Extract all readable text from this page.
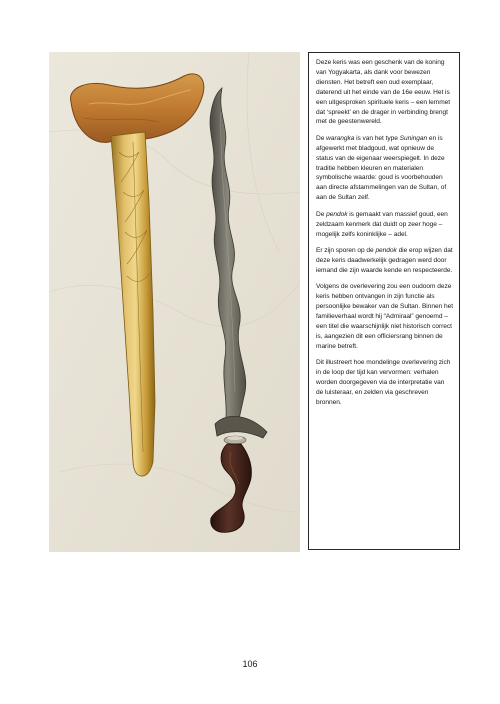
Deze keris was een geschenk van de koning van Yogyakarta, als dank voor bewezen diensten. Het betreft een oud exemplaar, daterend uit het einde van de 16e eeuw. Het is een uitgesproken spirituele keris – een lemmet dat ‘spreekt’ en de drager in verbinding brengt met de geestenwereld.

De warangka is van het type Suningan en is afgewerkt met bladgoud, wat opnieuw de status van de eigenaar weerspiegelt. In deze traditie hebben kleuren en materialen symbolische waarde: goud is voorbehouden aan directe afstammelingen van de Sultan, of aan de Sultan zelf.

De pendok is gemaakt van massief goud, een zeldzaam kenmerk dat duidt op zeer hoge – mogelijk zelfs koninklijke – adel.

Er zijn sporen op de pendok die erop wijzen dat deze keris daadwerkelijk gedragen werd door iemand die zijn waarde kende en respecteerde.

Volgens de overlevering zou een oudoom deze keris hebben ontvangen in zijn functie als persoonlijke bewaker van de Sultan. Binnen het familieverhaal wordt hij “Admiraal” genoemd – een titel die waarschijnlijk niet historisch correct is, aangezien dit een officiersrang binnen de marine betreft.

Dit illustreert hoe mondelinge overlevering zich in de loop der tijd kan vervormen: verhalen worden doorgegeven via de interpretatie van de luisteraar, en zelden via geschreven bronnen.

106
